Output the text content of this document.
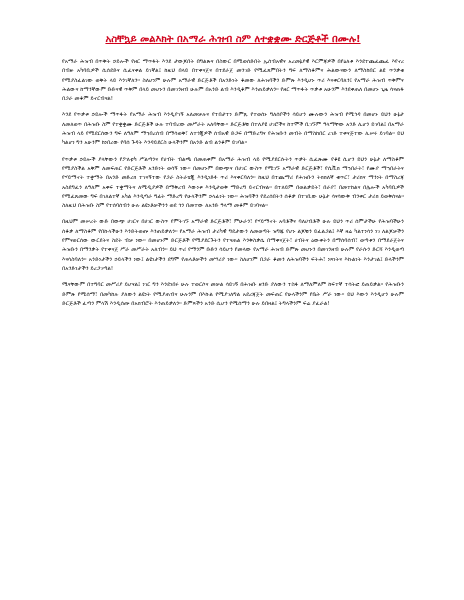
አስቸኳይ መልእክት በአማራ ሕዝብ ስም ለተቋቋሙ ድርጅቶች በሙሉ!

የአማራ ሕዝብ በጥቅት ኃይሎች የዘር ማጥፋት እንደ ታውጆበት በግልጽና በስውር በሚወሰድበት ኢሰብአዊና አረመኔያዊ እርምጃዎች በየዕለቱ እንደተጨፈጨፈ እየኖረ በብዙ አካባቢዎች ሲሰደድና ሲፈናቀል ይገኛል፤ ከዚህ በላይ በተቀናጀና በተደራጀ መንገድ የሚፈጸምበትን ግፍ ለማስቆምና ሕልውናውን ለማስከበር ልዩ ጥንቃቄ የሚያስፈልገው ወቅት ላይ እንገኛለን። ስለሆነም ሁሉም አማራዊ ድርጅቶች በአንድነት ቆመው ለሕዝባችን ድምጽ እንዲሆኑ ጥሪ እናቀርባለን፤ የአማራ ሕዝብ ጥቅምና ሕልውና ከማንኛውም ቡድናዊ ጥቅም በላይ መሆኑን በመገንዘብ ሁሉም በአንድ ልብ እንዲቆም እንጠይቃለን። የዘር ማጥፋት ጥቃቱ አሁንም እንደቀጠለ በመሆኑ ጊዜ ሳናጠፋ በጋራ መቆም ይኖርብናል!

እንደ የጥቃቱ ኃይሎች ማጥፋት የአማራ ሕዝብ እንዲያገኝ አለመቻሉና የተበታተነ ድምጹ የተወሰኑ ግለሰቦችን ሳይሆን ሙሉውን ሕዝብ የሚጎዳ በመሆኑ ይህን ሁኔታ ለመለወጥ በሕዝቡ ስም የተቋቋሙ ድርጅቶች ሁሉ ተባብረው መሥራት አለባቸው። ድርጅቶቹ በተለያዩ ሀገሮችና ከተሞች ቢገኙም ዓላማቸው አንድ ሊሆን ይገባል፤ በአማራ ሕዝብ ላይ የሚደርሰውን ግፍ ለዓለም ማኅበረሰብ በማሳወቅ፣ ለተጎጂዎች ሰብአዊ ድጋፍ በማድረግና የሕዝቡን መብት በማስከበር ረገድ ተቀናጅተው ሊሠሩ ይገባል። ይህ ካልሆነ ግን አሁንም ከነበረው የባሰ ጉዳት እንዳይደርስ ሁላችንም በአንድ ልብ ልንቆም ይገባል።

የጥቃቱ ኃይሎች ያላቸውን የፖለቲካ ሥልጣንና የሀብት ብልጫ በመጠቀም በአማራ ሕዝብ ላይ የሚያደርሱትን ጥቃት ሲፈጽሙ የቆዩ ሲሆን ይህን ሁኔታ ለማስቆም የሚያስችል አቅም ለመፍጠር የድርጅቶች አንድነት ወሳኝ ነው። በመሆኑም በውጭና በሀገር ውስጥ የሚገኙ አማራዊ ድርጅቶች፣ የሲቪክ ማኅበራት፣ የሙያ ማኅበራትና የሃይማኖት ተቋማት በአንድ መድረክ ተገናኝተው የጋራ ስትራቴጂ እንዲነድፉ ጥሪ እናቀርባለን። ከዚህ በተጨማሪ የሕዝቡን ትክክለኛ ቁጥር፣ ታሪክና ማንነት በማስረጃ አስደግፈን ለዓለም አቀፍ ተቋማትና ለሚዲያዎች በማቅረብ እውነቱ እንዲታወቅ ማድረግ ይኖርብናል። በተለይም በወልቃይት፣ በራያ፣ በመተከልና በሌሎች አካባቢዎች የሚፈጸመው ግፍ በገለልተኛ አካል እንዲጣራ ግፊት ማድረግ የሁላችንም ኃላፊነት ነው። ሕዝባችን የደረሰበትን ሰቆቃ በተገቢው ሁኔታ ሳናሳውቅ ብንቀር ታሪክ ይወቅሰናል። ስለዚህ በሕዝቡ ስም የተሰባሰብን ሁሉ ልዩነቶቻችንን ወደ ጎን በመተው ለአንድ ዓላማ መቆም ይገባናል።

በዚህም መሠረት ውድ በውጭ ሀገርና በሀገር ውስጥ የምትገኙ አማራዊ ድርጅቶች፣ ምሁራን፣ የሃይማኖት አባቶችና ባለሀብቶች ሁሉ ይህን ጥሪ ሰምታችሁ የሕዝባችሁን ሰቆቃ ለማስቆም የበኩላችሁን እንድትወጡ እንጠይቃለን። የአማራ ሕዝብ ታሪካዊ ግዴታውን ለመወጣት ዝግጁ የሆኑ ልጆቹን ይፈልጋል፤ እኛ ዛሬ ካልተነሳን ነገ ለልጆቻችን የምናወርሰው ውርደትና ስደት ብቻ ነው። በመሆኑም ድርጅቶች የሚያደርጉትን የተናጠል እንቅስቃሴ በማቀናጀት፣ ሀብትና ዕውቀትን በማሰባሰብ፣ ወጣቱን በማደራጀትና ሕዝቡን በማንቃት የተቀናጀ ሥራ መሥራት አለብን። ይህ ጥሪ የማንም ቡድን ሳይሆን የመላው የአማራ ሕዝብ ድምጽ መሆኑን በመገንዘብ ሁሉም የራሱን ድርሻ እንዲወጣ እናሳስባለን። አንድነታችን ኃይላችን ነው፤ ልዩነታችን ደግሞ የጠላቶቻችን መሣሪያ ነው። ስለሆነም በጋራ ቆመን ለሕዝባችን ፍትሕ፣ ነጻነትና እኩልነት እንታገል፤ ድላችንም በአንድነታችን ይረጋገጣል!

ሚናቸውም በተግባር መሥሪያ ይሆናል፤ ነገር ግን እንደነበሩ ሁሉ ተወርሶና መቻል ሳይገኝ በሕዝቡ ዘንድ ያለውን ተስፋ ለማለምለም ከፍተኛ ተሳትፎ ይጠይቃል። የሕዝቡን ድምጽ የሚሰማ፣ በመካከሉ ያለውን ልዩነት የሚያጠብና ሁሉንም በእኩል የሚያገለግል አደረጃጀት መፍጠር የሁላችንም የቤት ሥራ ነው። ይህ እውን እንዲሆን ሁሉም ድርጅቶች ፈጣን ምላሽ እንዲሰጡ በአክብሮት እንጠይቃለን። ድምጻችን አንድ ሲሆን የሚሰማን ሁሉ ይበዛል፤ ትግላችንም ፍሬ ያፈራል!
